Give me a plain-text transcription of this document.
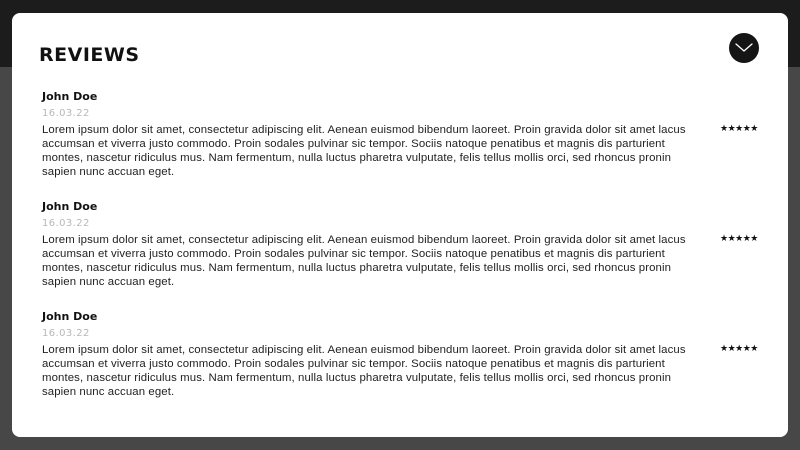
REVIEWS
John Doe
16.03.22
Lorem ipsum dolor sit amet, consectetur adipiscing elit. Aenean euismod bibendum laoreet. Proin gravida dolor sit amet lacus accumsan et viverra justo commodo. Proin sodales pulvinar sic tempor. Sociis natoque penatibus et magnis dis parturient montes, nascetur ridiculus mus. Nam fermentum, nulla luctus pharetra vulputate, felis tellus mollis orci, sed rhoncus pronin sapien nunc accuan eget.
★★★★★
John Doe
16.03.22
Lorem ipsum dolor sit amet, consectetur adipiscing elit. Aenean euismod bibendum laoreet. Proin gravida dolor sit amet lacus accumsan et viverra justo commodo. Proin sodales pulvinar sic tempor. Sociis natoque penatibus et magnis dis parturient montes, nascetur ridiculus mus. Nam fermentum, nulla luctus pharetra vulputate, felis tellus mollis orci, sed rhoncus pronin sapien nunc accuan eget.
★★★★★
John Doe
16.03.22
Lorem ipsum dolor sit amet, consectetur adipiscing elit. Aenean euismod bibendum laoreet. Proin gravida dolor sit amet lacus accumsan et viverra justo commodo. Proin sodales pulvinar sic tempor. Sociis natoque penatibus et magnis dis parturient montes, nascetur ridiculus mus. Nam fermentum, nulla luctus pharetra vulputate, felis tellus mollis orci, sed rhoncus pronin sapien nunc accuan eget.
★★★★★
